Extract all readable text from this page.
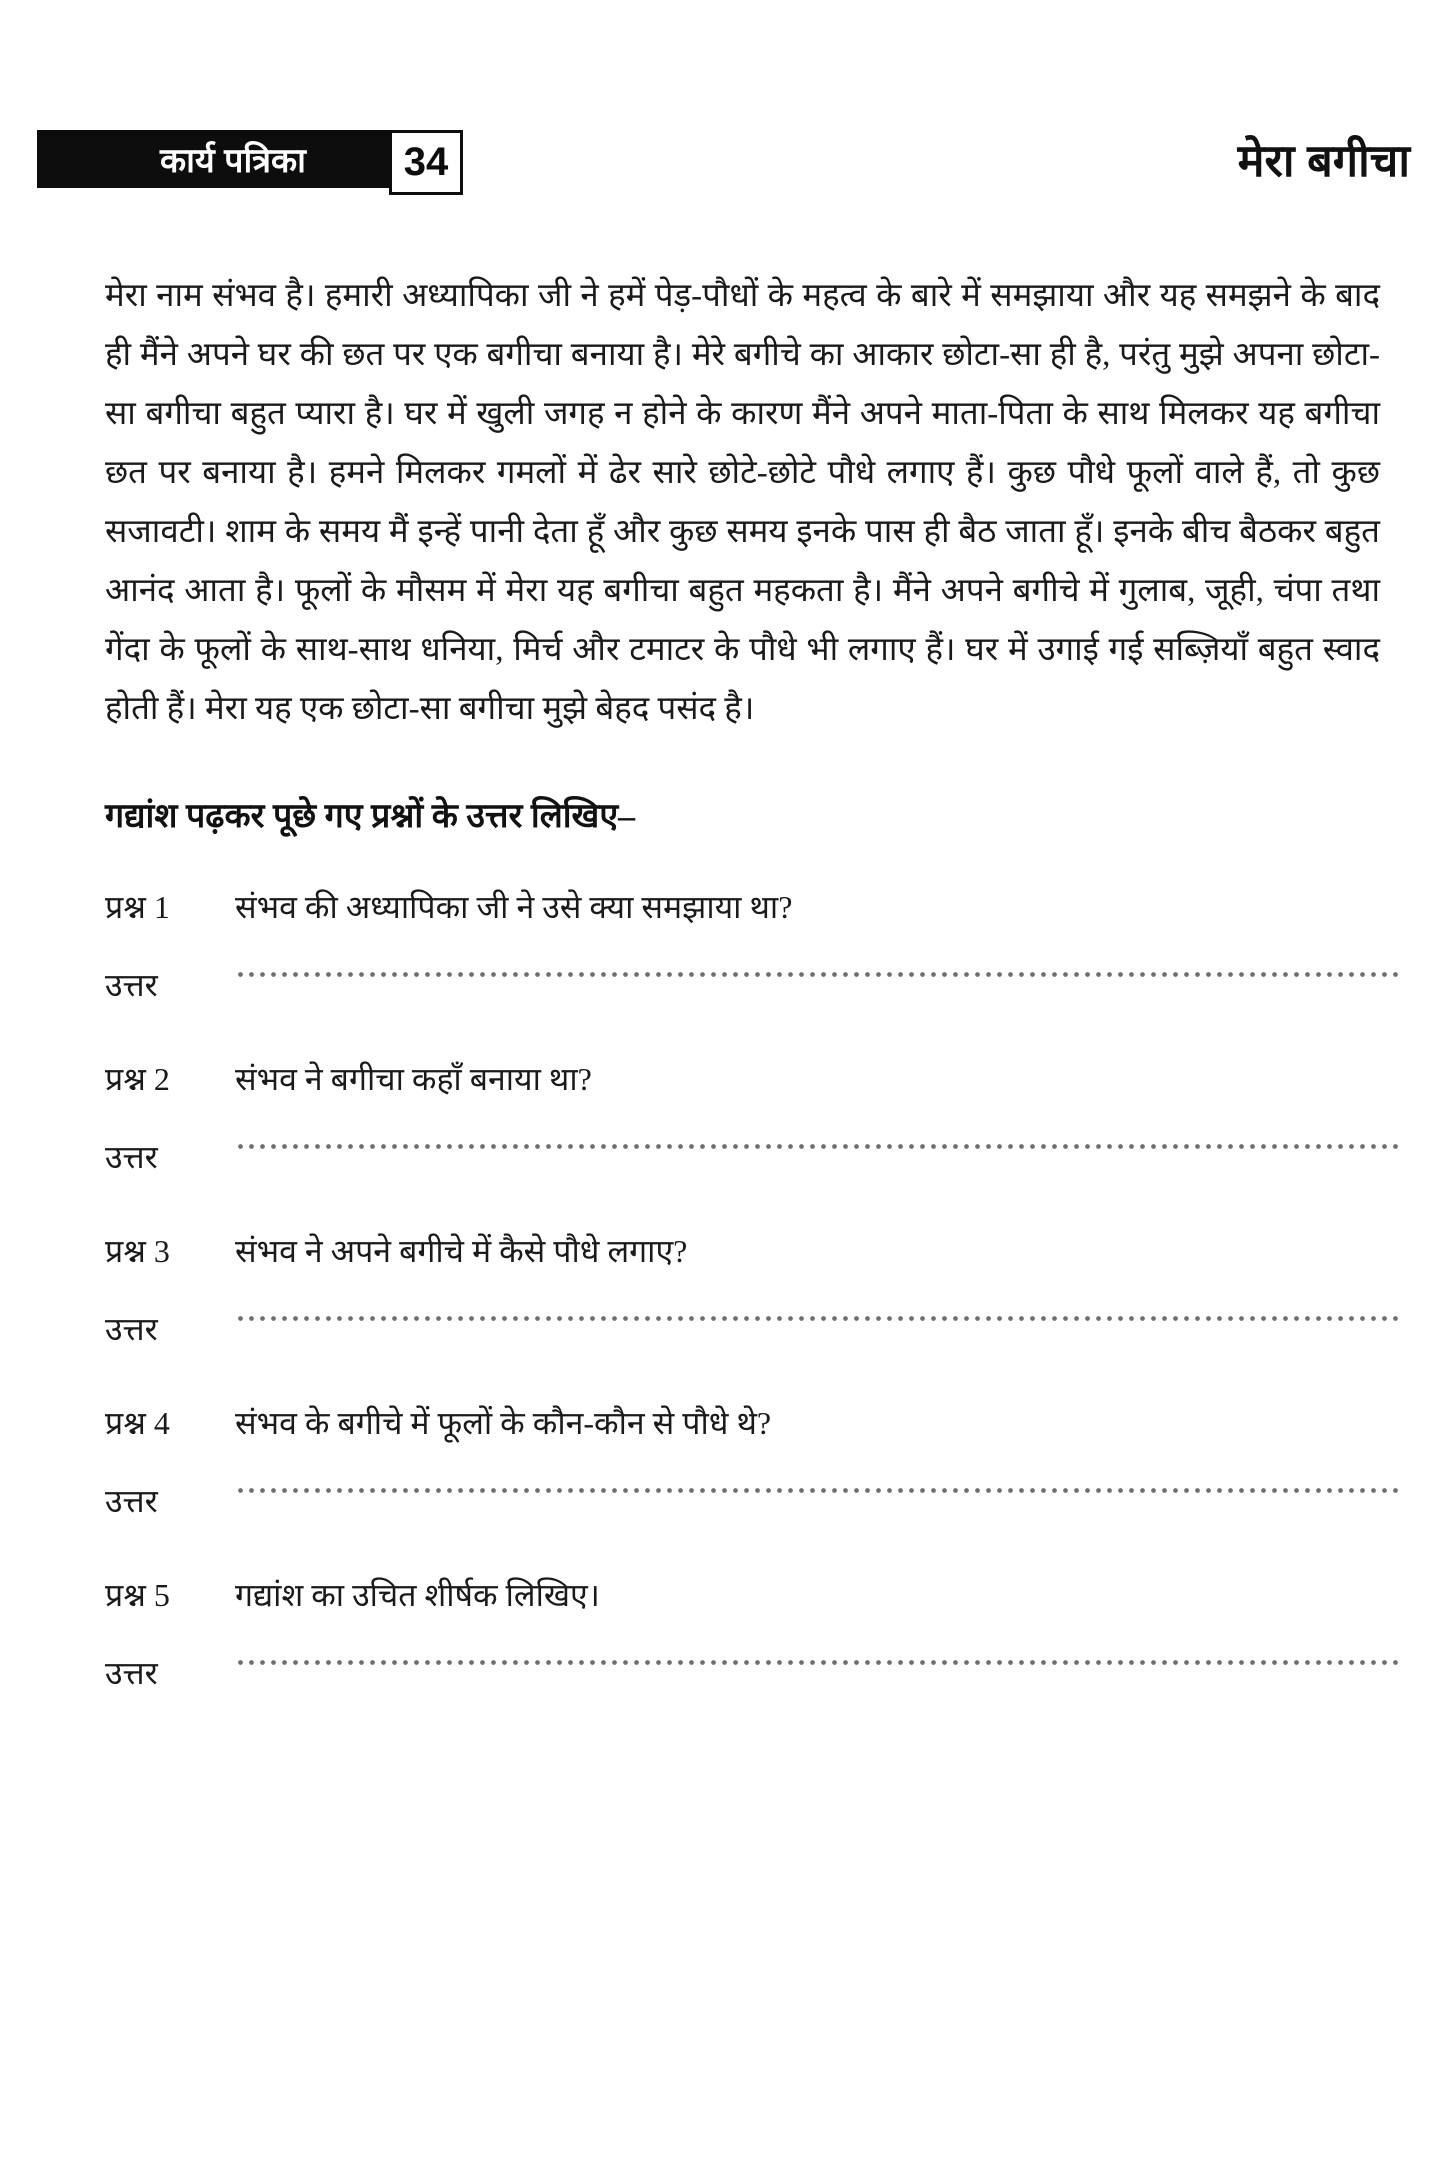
कार्य पत्रिका 34	मेरा बगीचा

मेरा नाम संभव है। हमारी अध्यापिका जी ने हमें पेड़-पौधों के महत्व के बारे में समझाया और यह समझने के बाद ही मैंने अपने घर की छत पर एक बगीचा बनाया है। मेरे बगीचे का आकार छोटा-सा ही है, परंतु मुझे अपना छोटा-सा बगीचा बहुत प्यारा है। घर में खुली जगह न होने के कारण मैंने अपने माता-पिता के साथ मिलकर यह बगीचा छत पर बनाया है। हमने मिलकर गमलों में ढेर सारे छोटे-छोटे पौधे लगाए हैं। कुछ पौधे फूलों वाले हैं, तो कुछ सजावटी। शाम के समय मैं इन्हें पानी देता हूँ और कुछ समय इनके पास ही बैठ जाता हूँ। इनके बीच बैठकर बहुत आनंद आता है। फूलों के मौसम में मेरा यह बगीचा बहुत महकता है। मैंने अपने बगीचे में गुलाब, जूही, चंपा तथा गेंदा के फूलों के साथ-साथ धनिया, मिर्च और टमाटर के पौधे भी लगाए हैं। घर में उगाई गई सब्ज़ियाँ बहुत स्वाद होती हैं। मेरा यह एक छोटा-सा बगीचा मुझे बेहद पसंद है।

गद्यांश पढ़कर पूछे गए प्रश्नों के उत्तर लिखिए–
प्रश्न 1	संभव की अध्यापिका जी ने उसे क्या समझाया था?
उत्तर
प्रश्न 2	संभव ने बगीचा कहाँ बनाया था?
उत्तर
प्रश्न 3	संभव ने अपने बगीचे में कैसे पौधे लगाए?
उत्तर
प्रश्न 4	संभव के बगीचे में फूलों के कौन-कौन से पौधे थे?
उत्तर
प्रश्न 5	गद्यांश का उचित शीर्षक लिखिए।
उत्तर
